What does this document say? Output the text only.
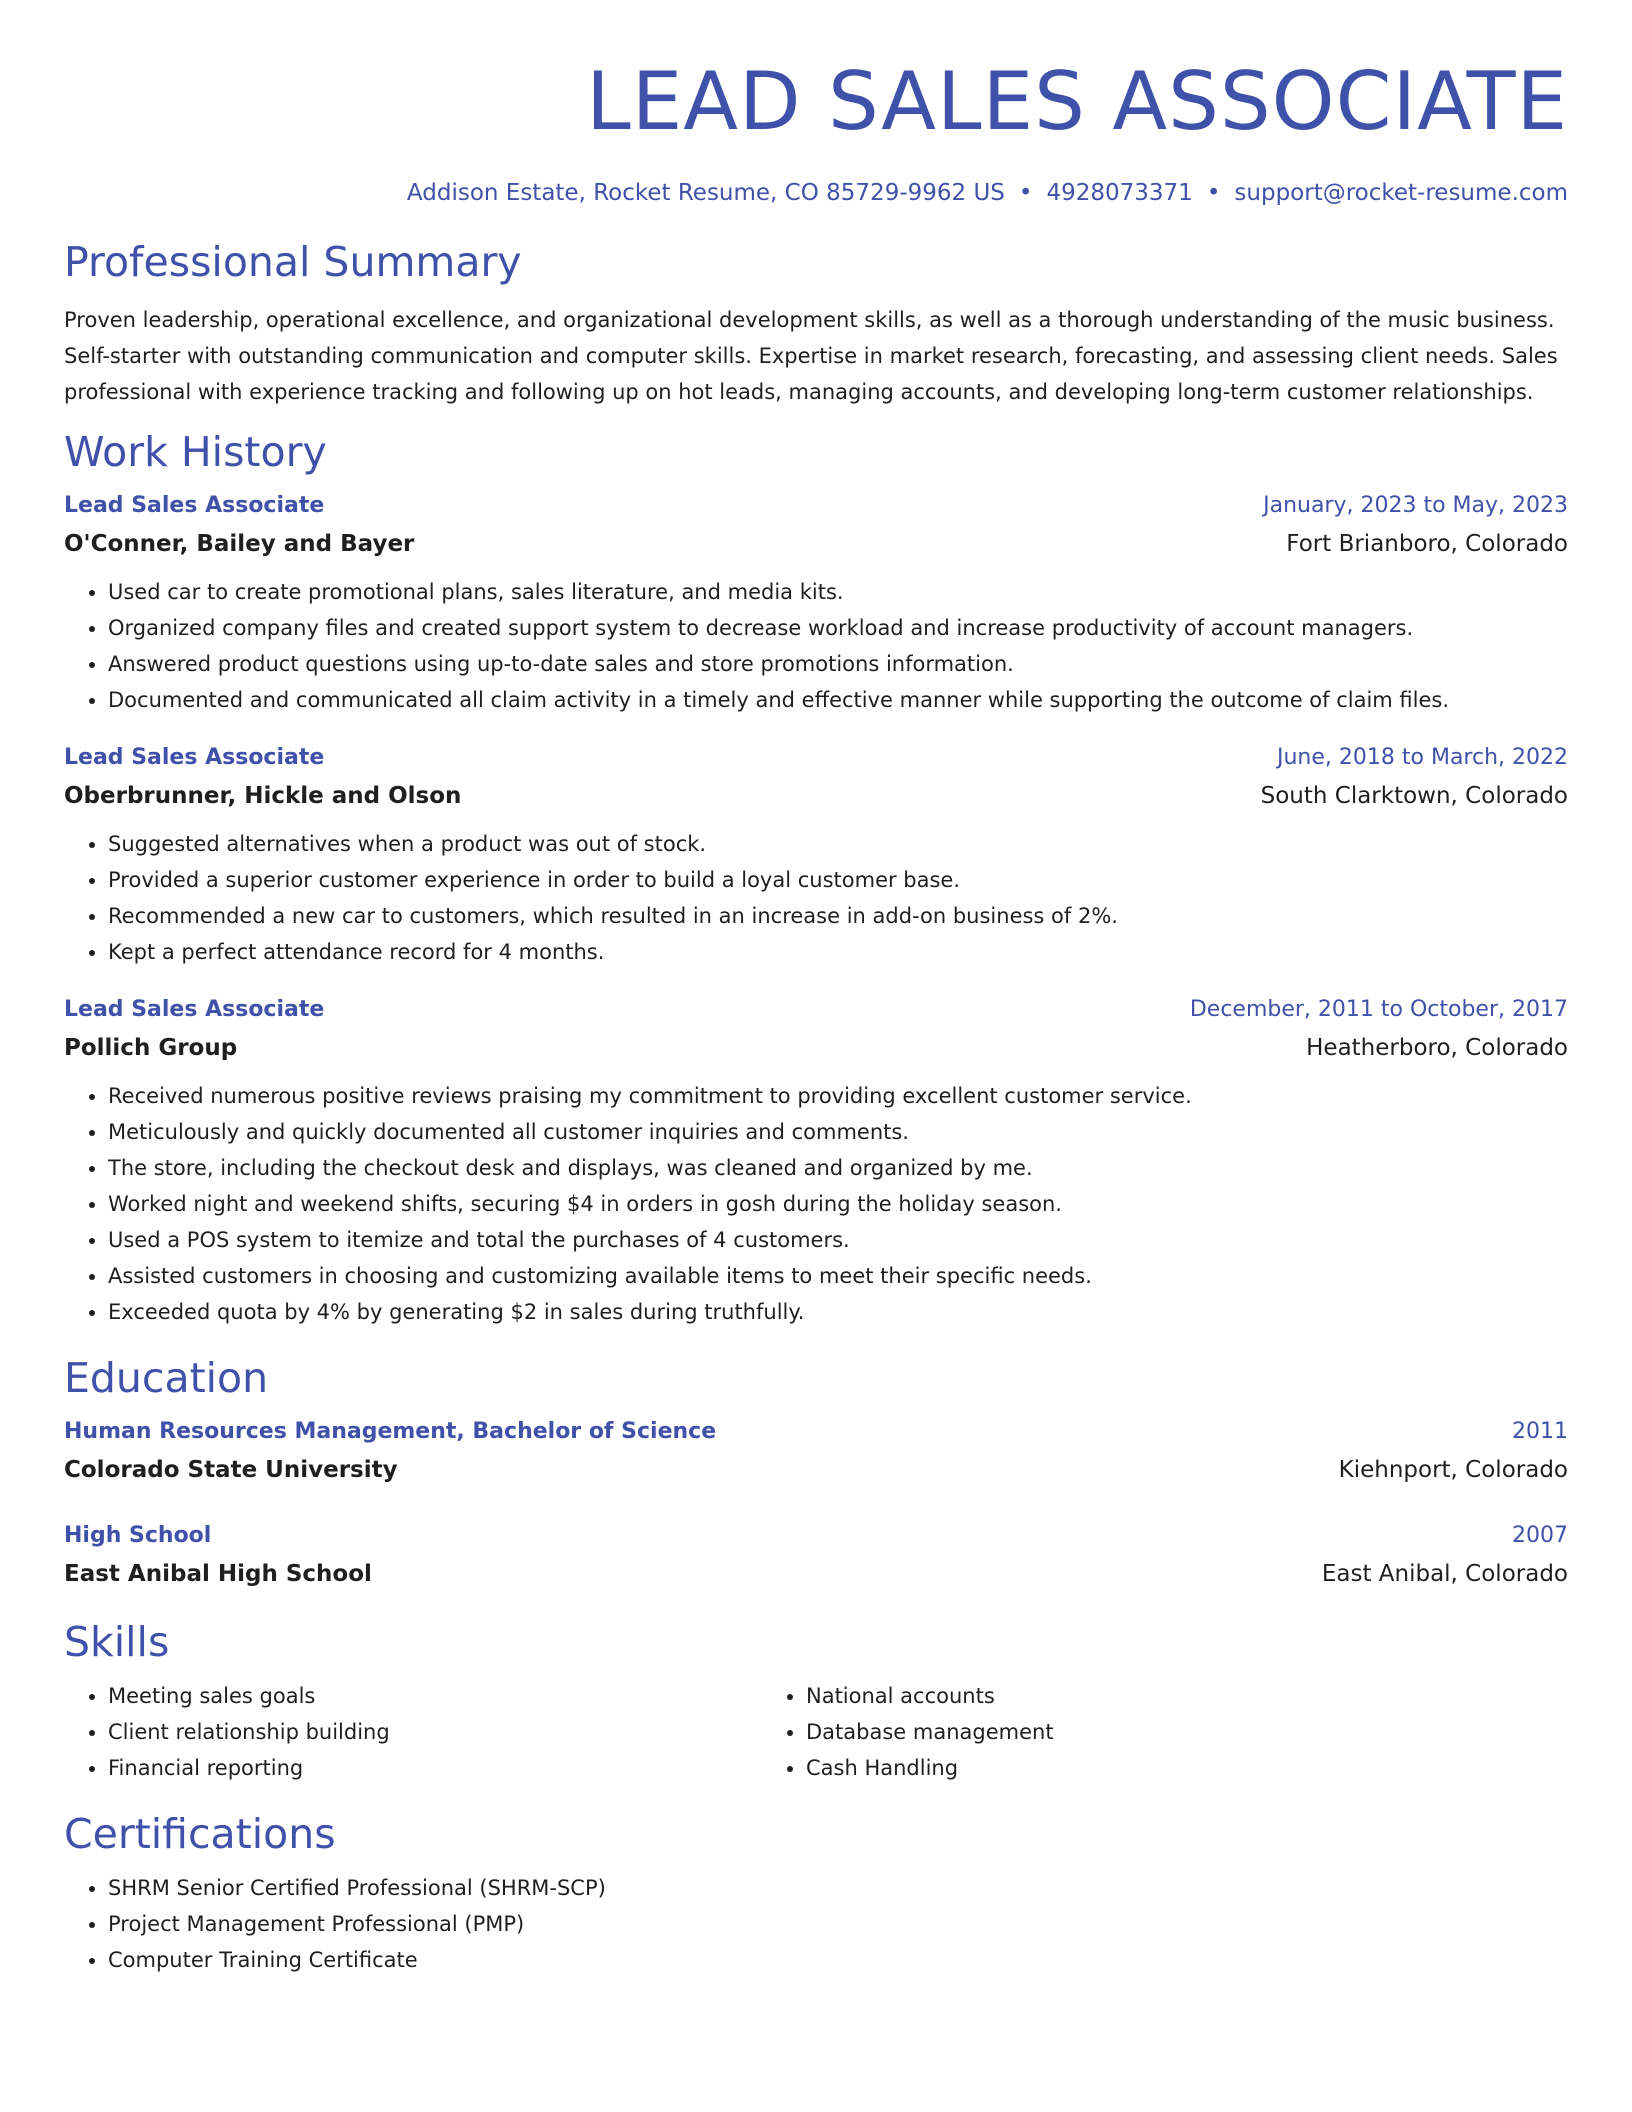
LEAD SALES ASSOCIATE
Addison Estate, Rocket Resume, CO 85729-9962 US • 4928073371 • support@rocket-resume.com
Professional Summary

Proven leadership, operational excellence, and organizational development skills, as well as a thorough understanding of the music business. Self-starter with outstanding communication and computer skills. Expertise in market research, forecasting, and assessing client needs. Sales professional with experience tracking and following up on hot leads, managing accounts, and developing long-term customer relationships.

Work History
Lead Sales Associate	January, 2023 to May, 2023
O'Conner, Bailey and Bayer	Fort Brianboro, Colorado
• Used car to create promotional plans, sales literature, and media kits.
• Organized company files and created support system to decrease workload and increase productivity of account managers.
• Answered product questions using up-to-date sales and store promotions information.
• Documented and communicated all claim activity in a timely and effective manner while supporting the outcome of claim files.
Lead Sales Associate	June, 2018 to March, 2022
Oberbrunner, Hickle and Olson	South Clarktown, Colorado
• Suggested alternatives when a product was out of stock.
• Provided a superior customer experience in order to build a loyal customer base.
• Recommended a new car to customers, which resulted in an increase in add-on business of 2%.
• Kept a perfect attendance record for 4 months.
Lead Sales Associate	December, 2011 to October, 2017
Pollich Group	Heatherboro, Colorado
• Received numerous positive reviews praising my commitment to providing excellent customer service.
• Meticulously and quickly documented all customer inquiries and comments.
• The store, including the checkout desk and displays, was cleaned and organized by me.
• Worked night and weekend shifts, securing $4 in orders in gosh during the holiday season.
• Used a POS system to itemize and total the purchases of 4 customers.
• Assisted customers in choosing and customizing available items to meet their specific needs.
• Exceeded quota by 4% by generating $2 in sales during truthfully.
Education
Human Resources Management, Bachelor of Science	2011
Colorado State University	Kiehnport, Colorado
High School	2007
East Anibal High School	East Anibal, Colorado
Skills
• Meeting sales goals
• Client relationship building
• Financial reporting
• National accounts
• Database management
• Cash Handling
Certifications
• SHRM Senior Certified Professional (SHRM-SCP)
• Project Management Professional (PMP)
• Computer Training Certificate
